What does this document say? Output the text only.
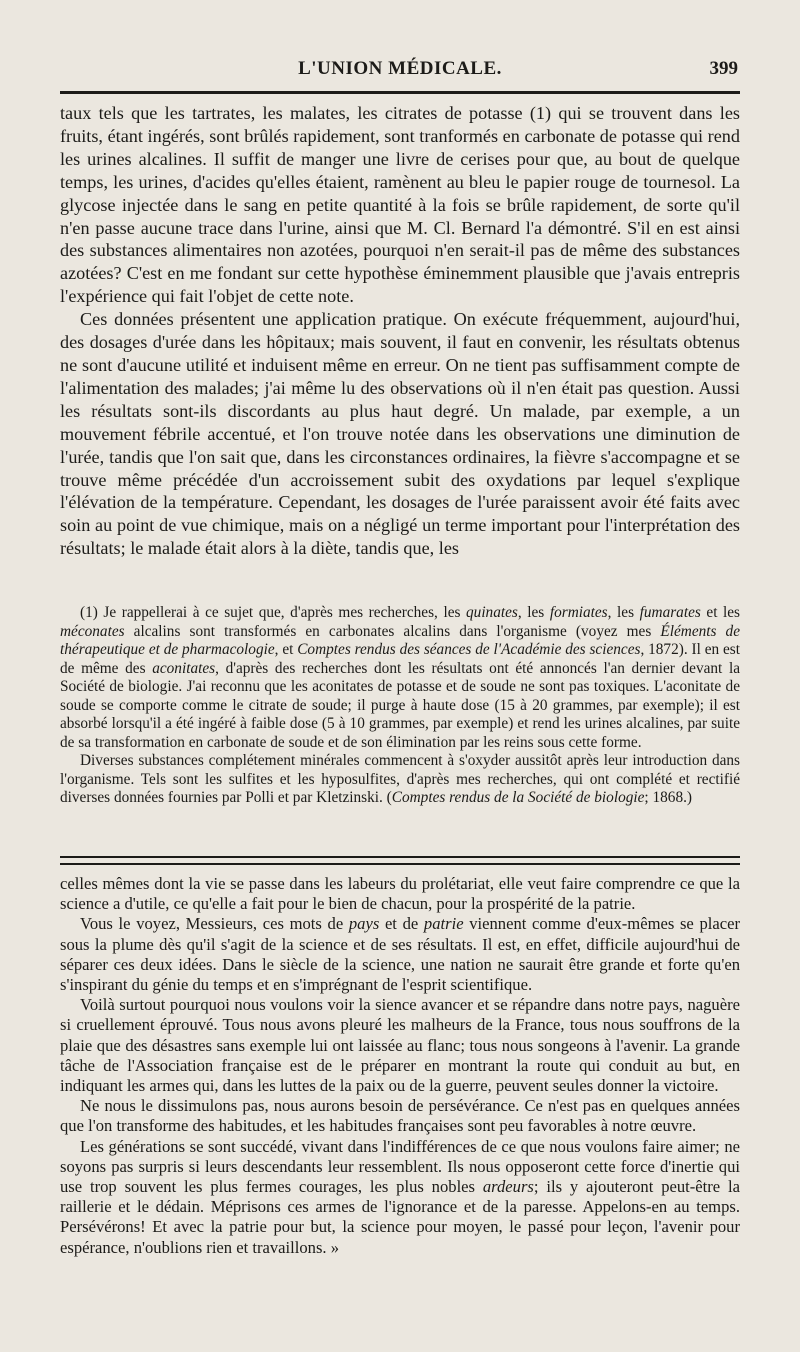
L'UNION MÉDICALE.	399

taux tels que les tartrates, les malates, les citrates de potasse (1) qui se trouvent dans les fruits, étant ingérés, sont brûlés rapidement, sont tranformés en carbonate de potasse qui rend les urines alcalines. Il suffit de manger une livre de cerises pour que, au bout de quelque temps, les urines, d'acides qu'elles étaient, ramènent au bleu le papier rouge de tournesol. La glycose injectée dans le sang en petite quantité à la fois se brûle rapidement, de sorte qu'il n'en passe aucune trace dans l'urine, ainsi que M. Cl. Bernard l'a démontré. S'il en est ainsi des substances alimentaires non azotées, pourquoi n'en serait-il pas de même des substances azotées? C'est en me fondant sur cette hypothèse éminemment plausible que j'avais entrepris l'expérience qui fait l'objet de cette note.

Ces données présentent une application pratique. On exécute fréquemment, aujourd'hui, des dosages d'urée dans les hôpitaux; mais souvent, il faut en convenir, les résultats obtenus ne sont d'aucune utilité et induisent même en erreur. On ne tient pas suffisamment compte de l'alimentation des malades; j'ai même lu des observations où il n'en était pas question. Aussi les résultats sont-ils discordants au plus haut degré. Un malade, par exemple, a un mouvement fébrile accentué, et l'on trouve notée dans les observations une diminution de l'urée, tandis que l'on sait que, dans les circonstances ordinaires, la fièvre s'accompagne et se trouve même précédée d'un accroissement subit des oxydations par lequel s'explique l'élévation de la température. Cependant, les dosages de l'urée paraissent avoir été faits avec soin au point de vue chimique, mais on a négligé un terme important pour l'interprétation des résultats; le malade était alors à la diète, tandis que, les

(1) Je rappellerai à ce sujet que, d'après mes recherches, les quinates, les formiates, les fumarates et les méconates alcalins sont transformés en carbonates alcalins dans l'organisme (voyez mes Éléments de thérapeutique et de pharmacologie, et Comptes rendus des séances de l'Académie des sciences, 1872). Il en est de même des aconitates, d'après des recherches dont les résultats ont été annoncés l'an dernier devant la Société de biologie. J'ai reconnu que les aconitates de potasse et de soude ne sont pas toxiques. L'aconitate de soude se comporte comme le citrate de soude; il purge à haute dose (15 à 20 grammes, par exemple); il est absorbé lorsqu'il a été ingéré à faible dose (5 à 10 grammes, par exemple) et rend les urines alcalines, par suite de sa transformation en carbonate de soude et de son élimination par les reins sous cette forme.

Diverses substances complétement minérales commencent à s'oxyder aussitôt après leur introduction dans l'organisme. Tels sont les sulfites et les hyposulfites, d'après mes recherches, qui ont complété et rectifié diverses données fournies par Polli et par Kletzinski. (Comptes rendus de la Société de biologie; 1868.)

celles mêmes dont la vie se passe dans les labeurs du prolétariat, elle veut faire comprendre ce que la science a d'utile, ce qu'elle a fait pour le bien de chacun, pour la prospérité de la patrie.

Vous le voyez, Messieurs, ces mots de pays et de patrie viennent comme d'eux-mêmes se placer sous la plume dès qu'il s'agit de la science et de ses résultats. Il est, en effet, difficile aujourd'hui de séparer ces deux idées. Dans le siècle de la science, une nation ne saurait être grande et forte qu'en s'inspirant du génie du temps et en s'imprégnant de l'esprit scientifique.

Voilà surtout pourquoi nous voulons voir la sience avancer et se répandre dans notre pays, naguère si cruellement éprouvé. Tous nous avons pleuré les malheurs de la France, tous nous souffrons de la plaie que des désastres sans exemple lui ont laissée au flanc; tous nous songeons à l'avenir. La grande tâche de l'Association française est de le préparer en montrant la route qui conduit au but, en indiquant les armes qui, dans les luttes de la paix ou de la guerre, peuvent seules donner la victoire.

Ne nous le dissimulons pas, nous aurons besoin de persévérance. Ce n'est pas en quelques années que l'on transforme des habitudes, et les habitudes françaises sont peu favorables à notre œuvre.

Les générations se sont succédé, vivant dans l'indifférences de ce que nous voulons faire aimer; ne soyons pas surpris si leurs descendants leur ressemblent. Ils nous opposeront cette force d'inertie qui use trop souvent les plus fermes courages, les plus nobles ardeurs; ils y ajouteront peut-être la raillerie et le dédain. Méprisons ces armes de l'ignorance et de la paresse. Appelons-en au temps. Persévérons! Et avec la patrie pour but, la science pour moyen, le passé pour leçon, l'avenir pour espérance, n'oublions rien et travaillons. »
